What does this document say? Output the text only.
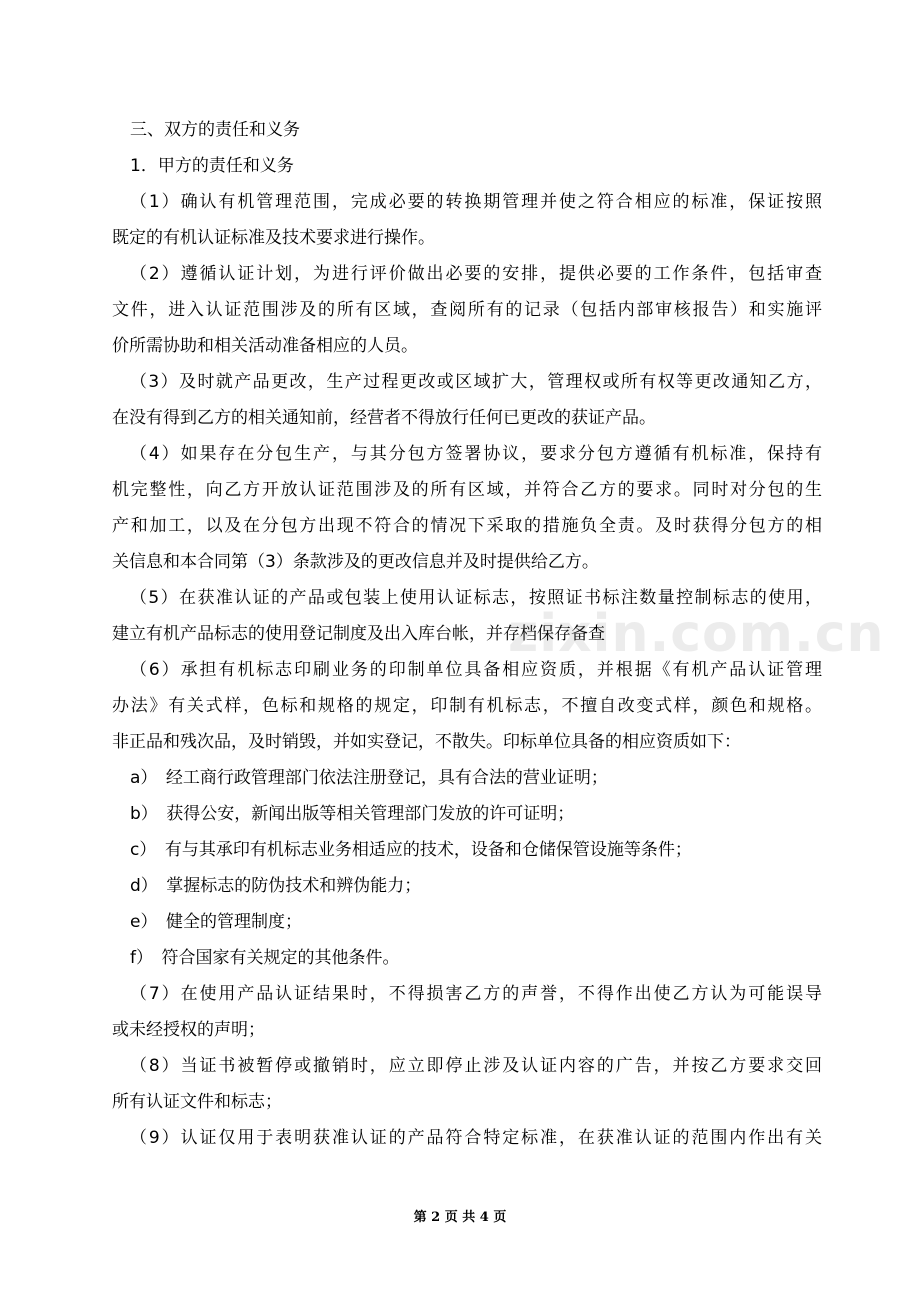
三、双方的责任和义务
1．甲方的责任和义务
（1）确认有机管理范围，完成必要的转换期管理并使之符合相应的标准，保证按照
既定的有机认证标准及技术要求进行操作。
（2）遵循认证计划，为进行评价做出必要的安排，提供必要的工作条件，包括审查
文件，进入认证范围涉及的所有区域，查阅所有的记录（包括内部审核报告）和实施评
价所需协助和相关活动准备相应的人员。
（3）及时就产品更改，生产过程更改或区域扩大，管理权或所有权等更改通知乙方，
在没有得到乙方的相关通知前，经营者不得放行任何已更改的获证产品。
（4）如果存在分包生产，与其分包方签署协议，要求分包方遵循有机标准，保持有
机完整性，向乙方开放认证范围涉及的所有区域，并符合乙方的要求。同时对分包的生
产和加工，以及在分包方出现不符合的情况下采取的措施负全责。及时获得分包方的相
关信息和本合同第（3）条款涉及的更改信息并及时提供给乙方。
（5）在获准认证的产品或包装上使用认证标志，按照证书标注数量控制标志的使用，
建立有机产品标志的使用登记制度及出入库台帐，并存档保存备查
（6）承担有机标志印刷业务的印制单位具备相应资质，并根据《有机产品认证管理
办法》有关式样，色标和规格的规定，印制有机标志，不擅自改变式样，颜色和规格。
非正品和残次品，及时销毁，并如实登记，不散失。印标单位具备的相应资质如下：
a）　经工商行政管理部门依法注册登记，具有合法的营业证明；
b）　获得公安，新闻出版等相关管理部门发放的许可证明；
c）　有与其承印有机标志业务相适应的技术，设备和仓储保管设施等条件；
d）　掌握标志的防伪技术和辨伪能力；
e）　健全的管理制度；
f）　符合国家有关规定的其他条件。
（7）在使用产品认证结果时，不得损害乙方的声誉，不得作出使乙方认为可能误导
或未经授权的声明；
（8）当证书被暂停或撤销时，应立即停止涉及认证内容的广告，并按乙方要求交回
所有认证文件和标志；
（9）认证仅用于表明获准认证的产品符合特定标准，在获准认证的范围内作出有关
zixin.com.cn
第 2 页 共 4 页
